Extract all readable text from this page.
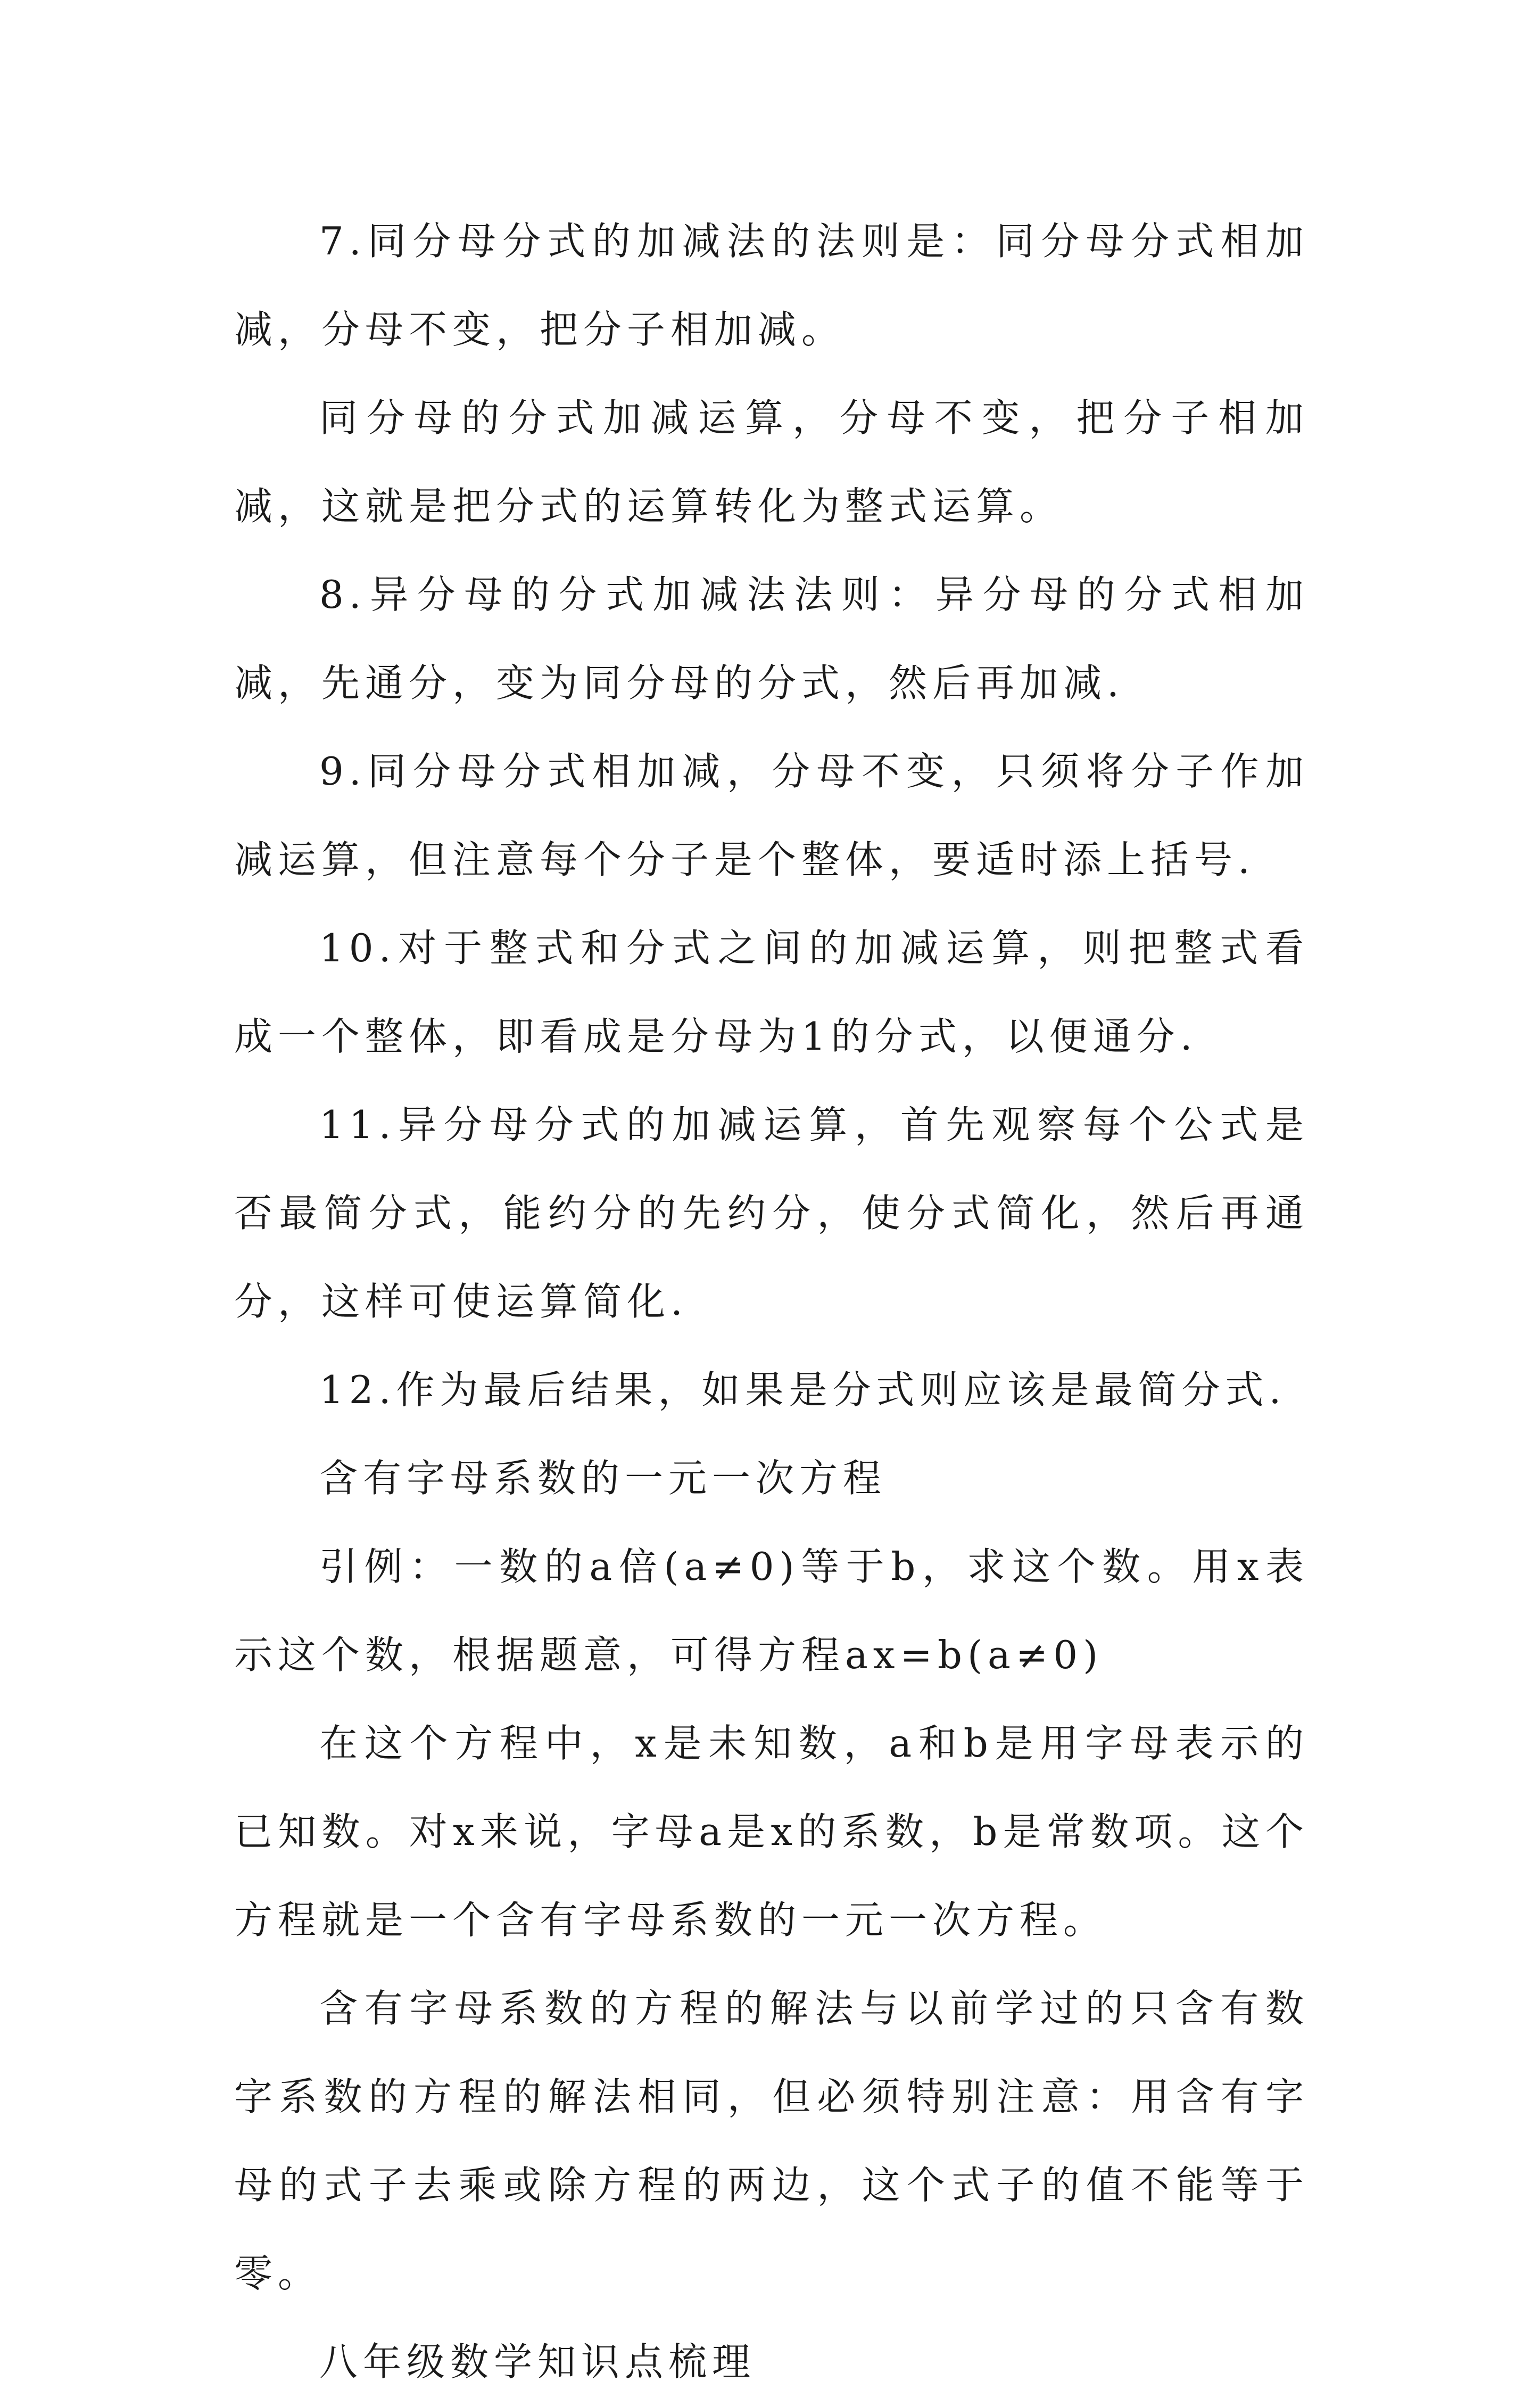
7.同分母分式的加减法的法则是：同分母分式相加减，分母不变，把分子相加减。

同分母的分式加减运算，分母不变，把分子相加减，这就是把分式的运算转化为整式运算。

8.异分母的分式加减法法则：异分母的分式相加减，先通分，变为同分母的分式，然后再加减.

9.同分母分式相加减，分母不变，只须将分子作加减运算，但注意每个分子是个整体，要适时添上括号.

10.对于整式和分式之间的加减运算，则把整式看成一个整体，即看成是分母为1的分式，以便通分.

11.异分母分式的加减运算，首先观察每个公式是否最简分式，能约分的先约分，使分式简化，然后再通分，这样可使运算简化.

12.作为最后结果，如果是分式则应该是最简分式.

含有字母系数的一元一次方程

引例：一数的a倍(a≠0)等于b，求这个数。用x表示这个数，根据题意，可得方程ax=b(a≠0)

在这个方程中，x是未知数，a和b是用字母表示的已知数。对x来说，字母a是x的系数，b是常数项。这个方程就是一个含有字母系数的一元一次方程。

含有字母系数的方程的解法与以前学过的只含有数字系数的方程的解法相同，但必须特别注意：用含有字母的式子去乘或除方程的两边，这个式子的值不能等于零。

八年级数学知识点梳理
